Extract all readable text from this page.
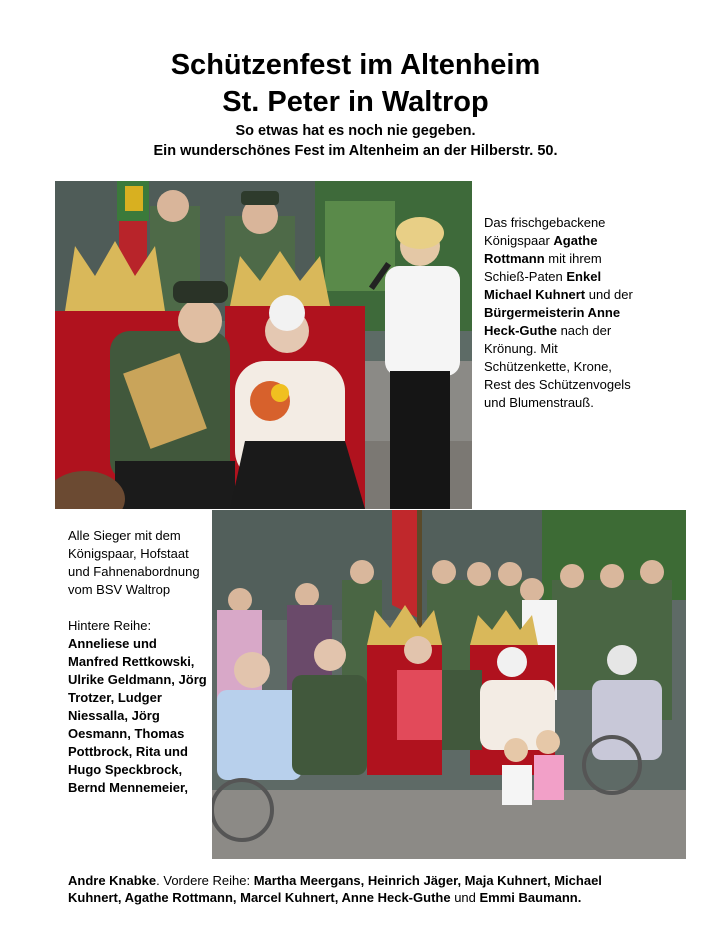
Schützenfest im Altenheim
St. Peter in Waltrop
So etwas hat es noch nie gegeben.
Ein wunderschönes Fest im Altenheim an der Hilberstr. 50.
Das frischgebackene Königspaar Agathe Rottmann mit ihrem Schieß-Paten Enkel Michael Kuhnert und der Bürgermeisterin Anne Heck-Guthe nach der Krönung. Mit Schützenkette, Krone, Rest des Schützenvogels und Blumenstrauß.
Alle Sieger mit dem Königspaar, Hofstaat und Fahnenabordnung vom BSV Waltrop
Hintere Reihe:
Anneliese und Manfred Rettkowski, Ulrike Geldmann, Jörg Trotzer, Ludger Niessalla, Jörg Oesmann, Thomas Pottbrock, Rita und Hugo Speckbrock, Bernd Mennemeier,
Andre Knabke. Vordere Reihe: Martha Meergans, Heinrich Jäger, Maja Kuhnert, Michael Kuhnert, Agathe Rottmann, Marcel Kuhnert, Anne Heck-Guthe und Emmi Baumann.
